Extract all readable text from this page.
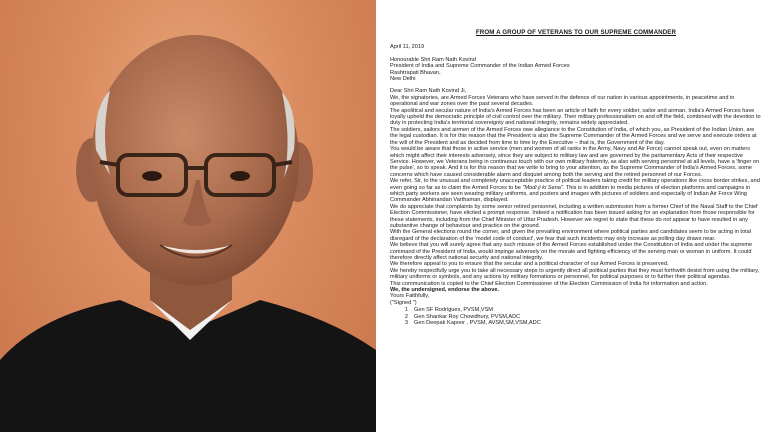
FROM A GROUP OF VETERANS TO OUR SUPREME COMMANDER

April 11, 2019

Honourable Shri Ram Nath Kovind

President of India and Supreme Commander of the Indian Armed Forces

Rashtrapati Bhavan,

New Delhi

Dear Shri Ram Nath Kovind Ji,

We, the signatories, are Armed Forces Veterans who have served in the defence of our nation in various appointments, in peacetime and in operational and war zones over the past several decades.

The apolitical and secular nature of India's Armed Forces has been an article of faith for every soldier, sailor and airman. India's Armed Forces have loyally upheld the democratic principle of civil control over the military. Their military professionalism on and off the field, combined with the devotion to duty in protecting India's territorial sovereignty and national integrity, remains widely appreciated.

The soldiers, sailors and airmen of the Armed Forces owe allegiance to the Constitution of India, of which you, as President of the Indian Union, are the legal custodian. It is for this reason that the President is also the Supreme Commander of the Armed Forces and we serve and execute orders at the will of the President and as decided from time to time by the Executive – that is, the Government of the day.

You would be aware that those in active service (men and women of all ranks in the Army, Navy and Air Force) cannot speak out, even on matters which might affect their interests adversely, since they are subject to military law and are governed by the parliamentary Acts of their respective Service. However, we Veterans being in continuous touch with our own military fraternity, as also with serving personnel at all levels, have a 'finger on the pulse', so to speak. And it is for this reason that we write to bring to your attention, as the Supreme Commander of India's Armed Forces, some concerns which have caused considerable alarm and disquiet among both the serving and the retired personnel of our Forces.

We refer, Sir, to the unusual and completely unacceptable practice of political leaders taking credit for military operations like cross border strikes, and even going so far as to claim the Armed Forces to be "Modi ji ki Sena". This is in addition to media pictures of election platforms and campaigns in which party workers are seen wearing military uniforms, and posters and images with pictures of soldiers and especially of Indian Air Force Wing Commander Abhinandan Varthaman, displayed.

We do appreciate that complaints by some senior retired personnel, including a written submission from a former Chief of the Naval Staff to the Chief Election Commissioner, have elicited a prompt response. Indeed a notification has been issued asking for an explanation from those responsible for these statements, including from the Chief Minister of Uttar Pradesh. However we regret to state that these do not appear to have resulted in any substantive change of behaviour and practice on the ground.

With the General elections round the corner, and given the prevailing environment where political parties and candidates seem to be acting in total disregard of the declaration of the 'model code of conduct', we fear that such incidents may only increase as polling day draws near.

We believe that you will surely agree that any such misuse of the Armed Forces established under the Constitution of India and under the supreme command of the President of India, would impinge adversely on the morale and fighting efficiency of the serving man or woman in uniform. It could therefore directly affect national security and national integrity.

We therefore appeal to you to ensure that the secular and a political character of our Armed Forces is preserved.

We hereby respectfully urge you to take all necessary steps to urgently direct all political parties that they must forthwith desist from using the military, military uniforms or symbols, and any actions by military formations or personnel, for political purposes or to further their political agendas.

This communication is copied to the Chief Election Commissioner of the Election Commission of India for information and action.

We, the undersigned, endorse the above.

Yours Faithfully,

("Signed ")

1	Gen SF Rodrigues, PVSM,VSM
2	Gen Shankar Roy Chowdhury, PVSM,ADC
3	Gen Deepak Kapoor , PVSM, AVSM,SM,VSM,ADC
